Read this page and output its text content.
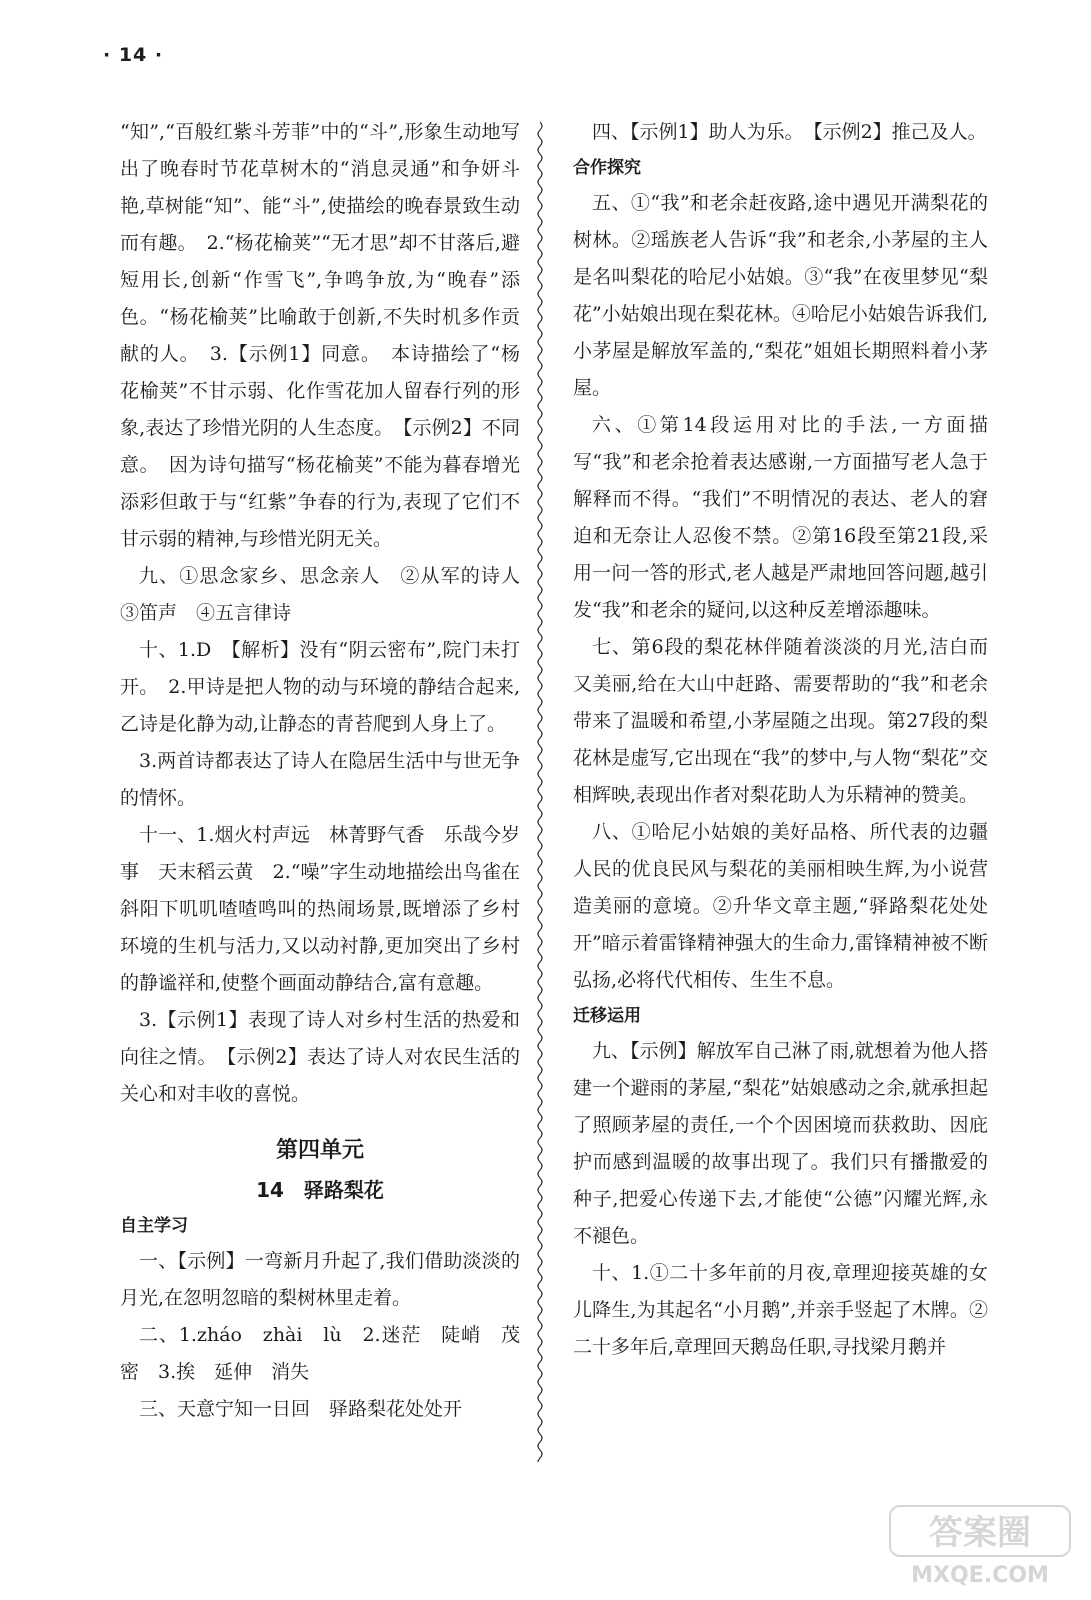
· 14 ·

“知”,“百般红紫斗芳菲”中的“斗”,形象生动地写出了晚春时节花草树木的“消息灵通”和争妍斗艳,草树能“知”、能“斗”,使描绘的晚春景致生动而有趣。　2.“杨花榆荚”“无才思”却不甘落后,避短用长,创新“作雪飞”,争鸣争放,为“晚春”添色。“杨花榆荚”比喻敢于创新,不失时机多作贡献的人。　3.【示例1】同意。　本诗描绘了“杨花榆荚”不甘示弱、化作雪花加人留春行列的形象,表达了珍惜光阴的人生态度。　【示例2】不同意。　因为诗句描写“杨花榆荚”不能为暮春增光添彩但敢于与“红紫”争春的行为,表现了它们不甘示弱的精神,与珍惜光阴无关。

九、①思念家乡、思念亲人　②从军的诗人　③笛声　④五言律诗

十、1.D　【解析】没有“阴云密布”,院门未打开。　2.甲诗是把人物的动与环境的静结合起来,乙诗是化静为动,让静态的青苔爬到人身上了。

3.两首诗都表达了诗人在隐居生活中与世无争的情怀。

十一、1.烟火村声远　林菁野气香　乐哉今岁事　天末稻云黄　2.“噪”字生动地描绘出鸟雀在斜阳下叽叽喳喳鸣叫的热闹场景,既增添了乡村环境的生机与活力,又以动衬静,更加突出了乡村的静谧祥和,使整个画面动静结合,富有意趣。

3.【示例1】表现了诗人对乡村生活的热爱和向往之情。　【示例2】表达了诗人对农民生活的关心和对丰收的喜悦。

第四单元
14　驿路梨花
自主学习

一、【示例】一弯新月升起了,我们借助淡淡的月光,在忽明忽暗的梨树林里走着。

二、1.zháo　zhài　lù　2.迷茫　陡峭　茂密　3.挨　延伸　消失

三、天意宁知一日回　驿路梨花处处开

四、【示例1】助人为乐。　【示例2】推己及人。

合作探究

五、①“我”和老余赶夜路,途中遇见开满梨花的树林。②瑶族老人告诉“我”和老余,小茅屋的主人是名叫梨花的哈尼小姑娘。③“我”在夜里梦见“梨花”小姑娘出现在梨花林。④哈尼小姑娘告诉我们,小茅屋是解放军盖的,“梨花”姐姐长期照料着小茅屋。

六、①第14段运用对比的手法,一方面描写“我”和老余抢着表达感谢,一方面描写老人急于解释而不得。“我们”不明情况的表达、老人的窘迫和无奈让人忍俊不禁。②第16段至第21段,采用一问一答的形式,老人越是严肃地回答问题,越引发“我”和老余的疑问,以这种反差增添趣味。

七、第6段的梨花林伴随着淡淡的月光,洁白而又美丽,给在大山中赶路、需要帮助的“我”和老余带来了温暖和希望,小茅屋随之出现。第27段的梨花林是虚写,它出现在“我”的梦中,与人物“梨花”交相辉映,表现出作者对梨花助人为乐精神的赞美。

八、①哈尼小姑娘的美好品格、所代表的边疆人民的优良民风与梨花的美丽相映生辉,为小说营造美丽的意境。②升华文章主题,“驿路梨花处处开”暗示着雷锋精神强大的生命力,雷锋精神被不断弘扬,必将代代相传、生生不息。

迁移运用

九、【示例】解放军自己淋了雨,就想着为他人搭建一个避雨的茅屋,“梨花”姑娘感动之余,就承担起了照顾茅屋的责任,一个个因困境而获救助、因庇护而感到温暖的故事出现了。我们只有播撒爱的种子,把爱心传递下去,才能使“公德”闪耀光辉,永不褪色。

十、1.①二十多年前的月夜,章理迎接英雄的女儿降生,为其起名“小月鹅”,并亲手竖起了木牌。②二十多年后,章理回天鹅岛任职,寻找梁月鹅并

答案圈
MXQE.COM
